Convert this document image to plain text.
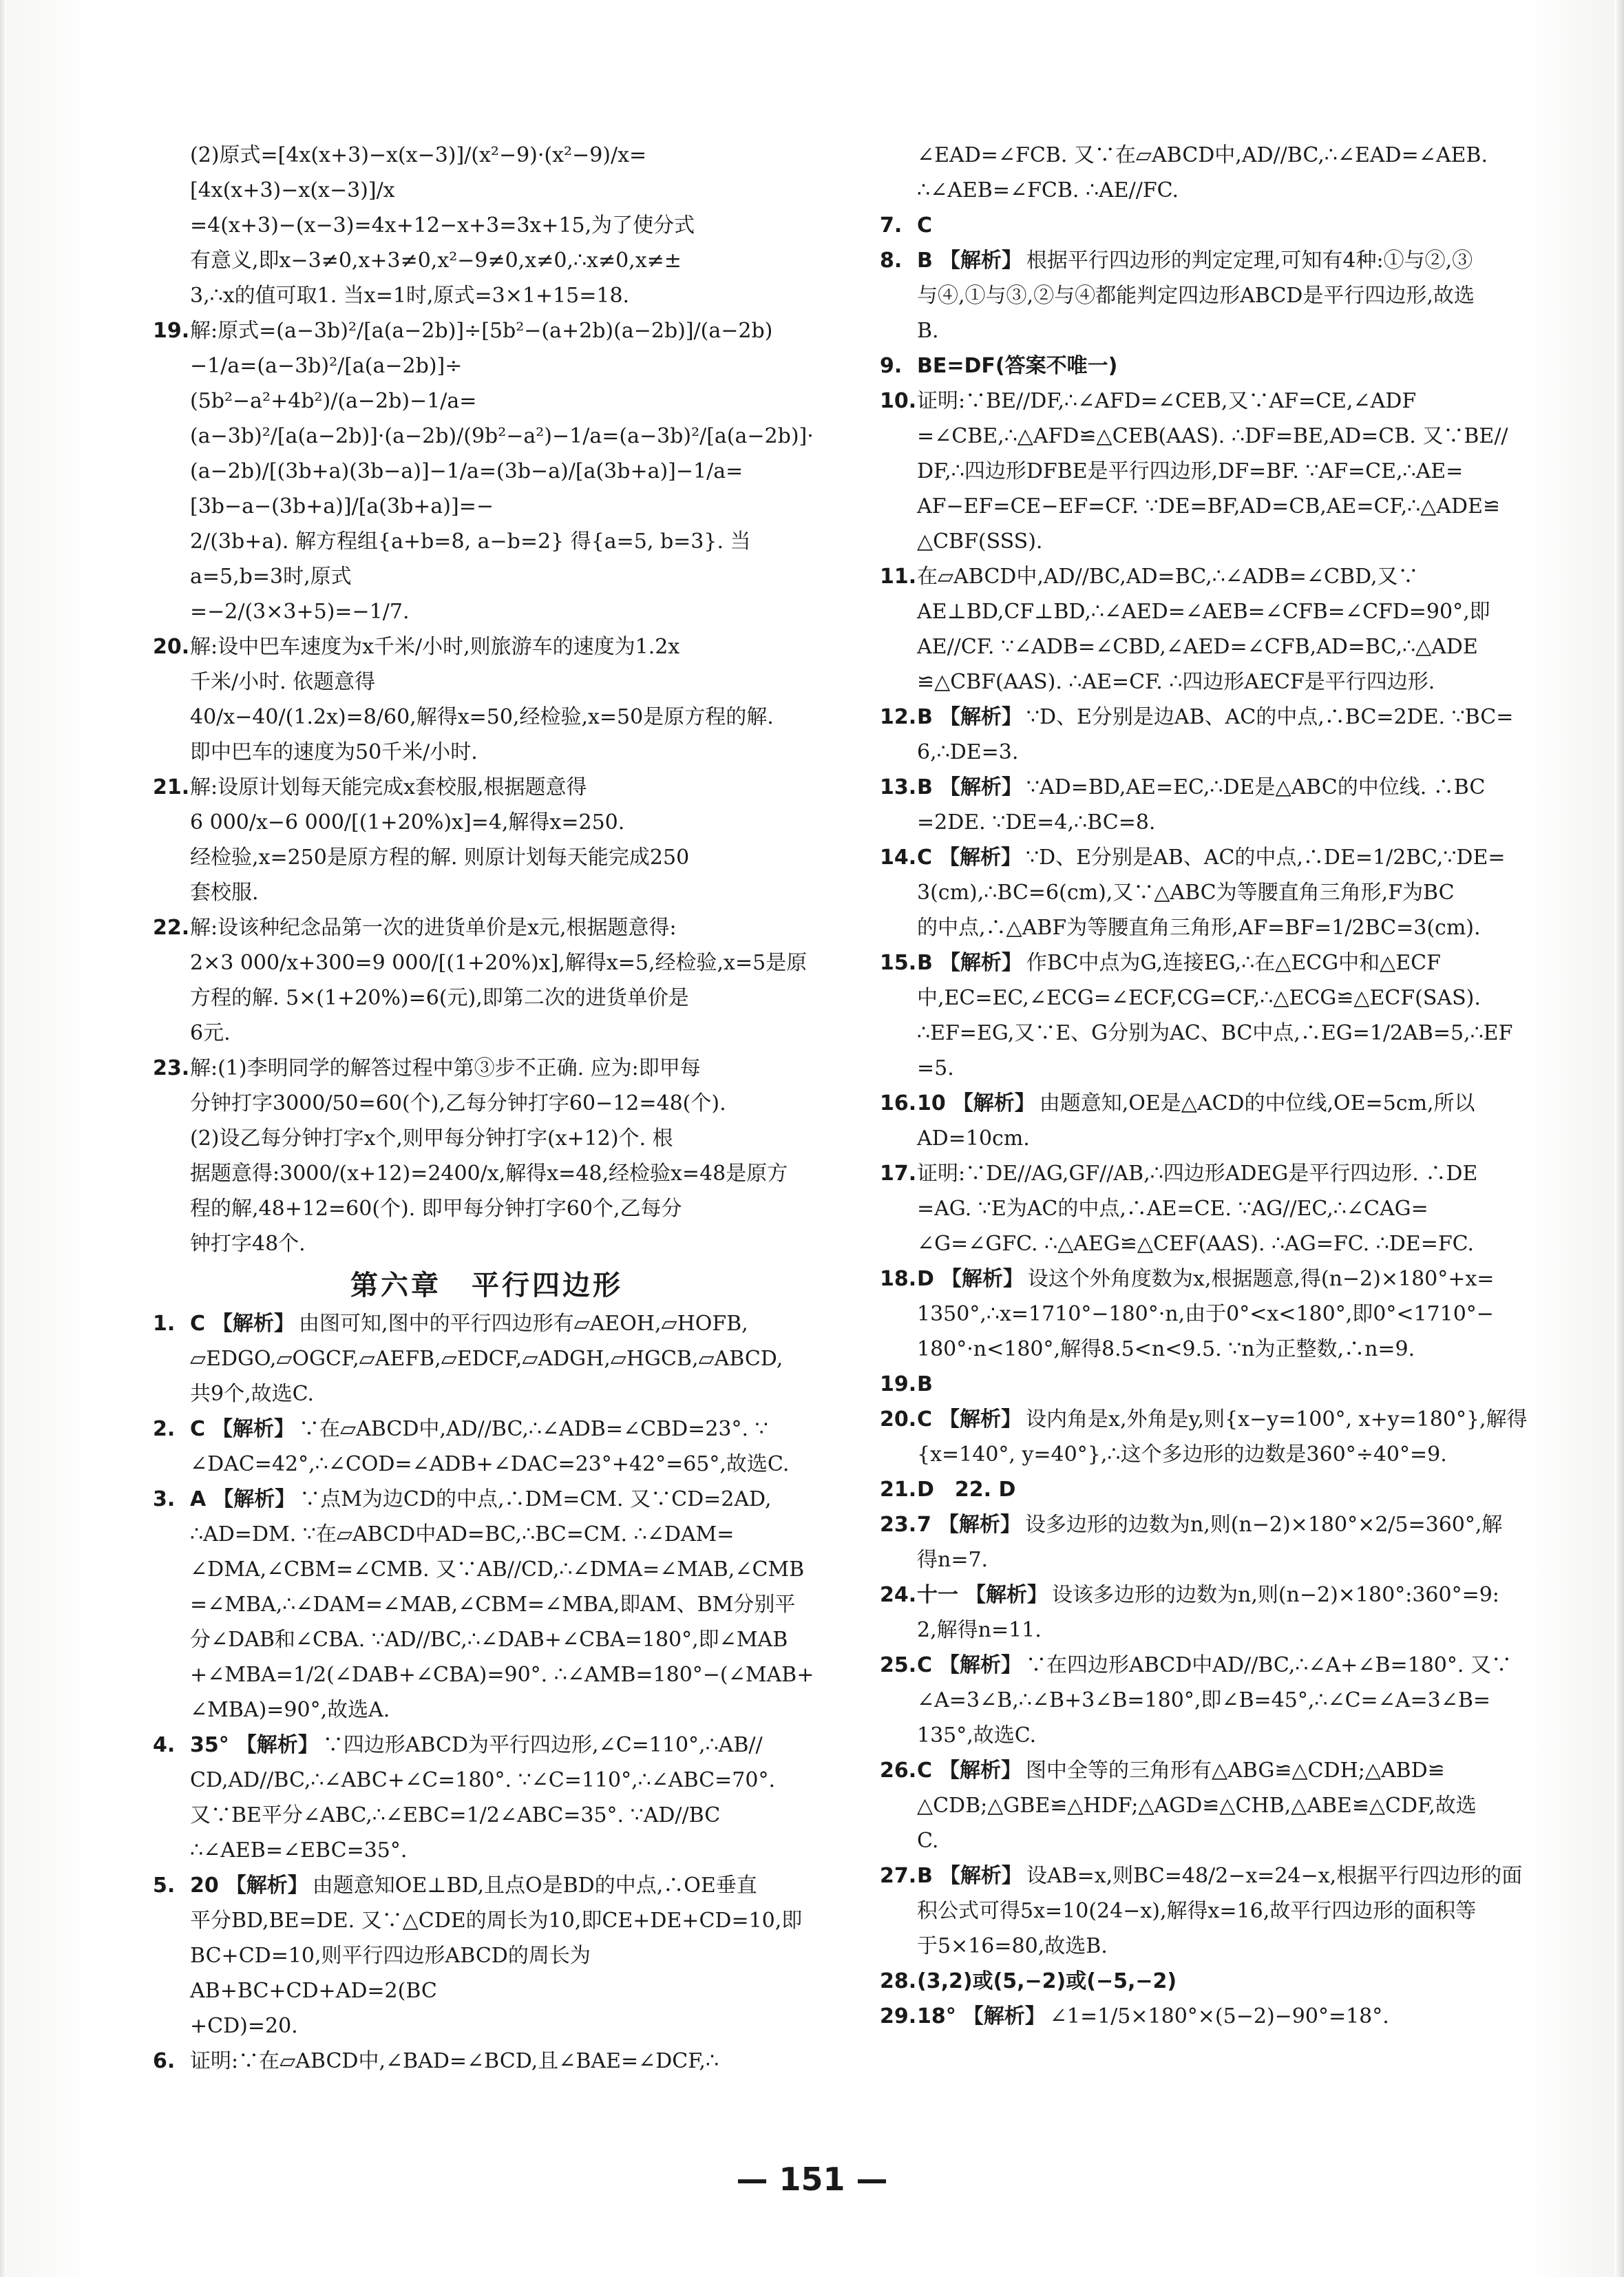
(2)原式=[4x(x+3)−x(x−3)]/(x²−9)·(x²−9)/x=[4x(x+3)−x(x−3)]/x
=4(x+3)−(x−3)=4x+12−x+3=3x+15,为了使分式
有意义,即x−3≠0,x+3≠0,x²−9≠0,x≠0,∴x≠0,x≠±
3,∴x的值可取1. 当x=1时,原式=3×1+15=18.
19. 解:原式=(a−3b)²/[a(a−2b)]÷[5b²−(a+2b)(a−2b)]/(a−2b)−1/a=(a−3b)²/[a(a−2b)]÷
(5b²−a²+4b²)/(a−2b)−1/a=(a−3b)²/[a(a−2b)]·(a−2b)/(9b²−a²)−1/a=(a−3b)²/[a(a−2b)]·
(a−2b)/[(3b+a)(3b−a)]−1/a=(3b−a)/[a(3b+a)]−1/a=[3b−a−(3b+a)]/[a(3b+a)]=−
2/(3b+a). 解方程组{a+b=8, a−b=2} 得{a=5, b=3}. 当a=5,b=3时,原式
=−2/(3×3+5)=−1/7.
20. 解:设中巴车速度为x千米/小时,则旅游车的速度为1.2x
千米/小时. 依题意得
40/x−40/(1.2x)=8/60,解得x=50,经检验,x=50是原方程的解.
即中巴车的速度为50千米/小时.
21. 解:设原计划每天能完成x套校服,根据题意得
6 000/x−6 000/[(1+20%)x]=4,解得x=250.
经检验,x=250是原方程的解. 则原计划每天能完成250
套校服.
22. 解:设该种纪念品第一次的进货单价是x元,根据题意得:
2×3 000/x+300=9 000/[(1+20%)x],解得x=5,经检验,x=5是原
方程的解. 5×(1+20%)=6(元),即第二次的进货单价是
6元.
23. 解:(1)李明同学的解答过程中第③步不正确. 应为:即甲每
分钟打字3000/50=60(个),乙每分钟打字60−12=48(个).
(2)设乙每分钟打字x个,则甲每分钟打字(x+12)个. 根
据题意得:3000/(x+12)=2400/x,解得x=48,经检验x=48是原方
程的解,48+12=60(个). 即甲每分钟打字60个,乙每分
钟打字48个.
第六章　平行四边形
1. C 【解析】 由图可知,图中的平行四边形有▱AEOH,▱HOFB,
▱EDGO,▱OGCF,▱AEFB,▱EDCF,▱ADGH,▱HGCB,▱ABCD,
共9个,故选C.
2. C 【解析】 ∵在▱ABCD中,AD//BC,∴∠ADB=∠CBD=23°. ∵
∠DAC=42°,∴∠COD=∠ADB+∠DAC=23°+42°=65°,故选C.
3. A 【解析】 ∵点M为边CD的中点,∴DM=CM. 又∵CD=2AD,
∴AD=DM. ∵在▱ABCD中AD=BC,∴BC=CM. ∴∠DAM=
∠DMA,∠CBM=∠CMB. 又∵AB//CD,∴∠DMA=∠MAB,∠CMB
=∠MBA,∴∠DAM=∠MAB,∠CBM=∠MBA,即AM、BM分别平
分∠DAB和∠CBA. ∵AD//BC,∴∠DAB+∠CBA=180°,即∠MAB
+∠MBA=1/2(∠DAB+∠CBA)=90°. ∴∠AMB=180°−(∠MAB+
∠MBA)=90°,故选A.
4. 35° 【解析】 ∵四边形ABCD为平行四边形,∠C=110°,∴AB//
CD,AD//BC,∴∠ABC+∠C=180°. ∵∠C=110°,∴∠ABC=70°.
又∵BE平分∠ABC,∴∠EBC=1/2∠ABC=35°. ∵AD//BC
∴∠AEB=∠EBC=35°.
5. 20 【解析】 由题意知OE⊥BD,且点O是BD的中点,∴OE垂直
平分BD,BE=DE. 又∵△CDE的周长为10,即CE+DE+CD=10,即
BC+CD=10,则平行四边形ABCD的周长为AB+BC+CD+AD=2(BC
+CD)=20.
6. 证明:∵在▱ABCD中,∠BAD=∠BCD,且∠BAE=∠DCF,∴
∠EAD=∠FCB. 又∵在▱ABCD中,AD//BC,∴∠EAD=∠AEB.
∴∠AEB=∠FCB. ∴AE//FC.
7. C
8. B 【解析】 根据平行四边形的判定定理,可知有4种:①与②,③
与④,①与③,②与④都能判定四边形ABCD是平行四边形,故选
B.
9. BE=DF(答案不唯一)
10. 证明:∵BE//DF,∴∠AFD=∠CEB,又∵AF=CE,∠ADF
=∠CBE,∴△AFD≌△CEB(AAS). ∴DF=BE,AD=CB. 又∵BE//
DF,∴四边形DFBE是平行四边形,DF=BF. ∵AF=CE,∴AE=
AF−EF=CE−EF=CF. ∵DE=BF,AD=CB,AE=CF,∴△ADE≌
△CBF(SSS).
11. 在▱ABCD中,AD//BC,AD=BC,∴∠ADB=∠CBD,又∵
AE⊥BD,CF⊥BD,∴∠AED=∠AEB=∠CFB=∠CFD=90°,即
AE//CF. ∵∠ADB=∠CBD,∠AED=∠CFB,AD=BC,∴△ADE
≌△CBF(AAS). ∴AE=CF. ∴四边形AECF是平行四边形.
12. B 【解析】 ∵D、E分别是边AB、AC的中点,∴BC=2DE. ∵BC=
6,∴DE=3.
13. B 【解析】 ∵AD=BD,AE=EC,∴DE是△ABC的中位线. ∴BC
=2DE. ∵DE=4,∴BC=8.
14. C 【解析】 ∵D、E分别是AB、AC的中点,∴DE=1/2BC,∵DE=
3(cm),∴BC=6(cm),又∵△ABC为等腰直角三角形,F为BC
的中点,∴△ABF为等腰直角三角形,AF=BF=1/2BC=3(cm).
15. B 【解析】 作BC中点为G,连接EG,∴在△ECG中和△ECF
中,EC=EC,∠ECG=∠ECF,CG=CF,∴△ECG≌△ECF(SAS).
∴EF=EG,又∵E、G分别为AC、BC中点,∴EG=1/2AB=5,∴EF
=5.
16. 10 【解析】 由题意知,OE是△ACD的中位线,OE=5cm,所以
AD=10cm.
17. 证明:∵DE//AG,GF//AB,∴四边形ADEG是平行四边形. ∴DE
=AG. ∵E为AC的中点,∴AE=CE. ∵AG//EC,∴∠CAG=
∠G=∠GFC. ∴△AEG≌△CEF(AAS). ∴AG=FC. ∴DE=FC.
18. D 【解析】 设这个外角度数为x,根据题意,得(n−2)×180°+x=
1350°,∴x=1710°−180°·n,由于0°<x<180°,即0°<1710°−
180°·n<180°,解得8.5<n<9.5. ∵n为正整数,∴n=9.
19. B
20. C 【解析】 设内角是x,外角是y,则{x−y=100°, x+y=180°},解得
{x=140°, y=40°},∴这个多边形的边数是360°÷40°=9.
21. D　22. D
23. 7 【解析】 设多边形的边数为n,则(n−2)×180°×2/5=360°,解
得n=7.
24. 十一 【解析】 设该多边形的边数为n,则(n−2)×180°:360°=9:
2,解得n=11.
25. C 【解析】 ∵在四边形ABCD中AD//BC,∴∠A+∠B=180°. 又∵
∠A=3∠B,∴∠B+3∠B=180°,即∠B=45°,∴∠C=∠A=3∠B=
135°,故选C.
26. C 【解析】 图中全等的三角形有△ABG≌△CDH;△ABD≌
△CDB;△GBE≌△HDF;△AGD≌△CHB,△ABE≌△CDF,故选
C.
27. B 【解析】 设AB=x,则BC=48/2−x=24−x,根据平行四边形的面
积公式可得5x=10(24−x),解得x=16,故平行四边形的面积等
于5×16=80,故选B.
28. (3,2)或(5,−2)或(−5,−2)
29. 18° 【解析】 ∠1=1/5×180°×(5−2)−90°=18°.
— 151 —
